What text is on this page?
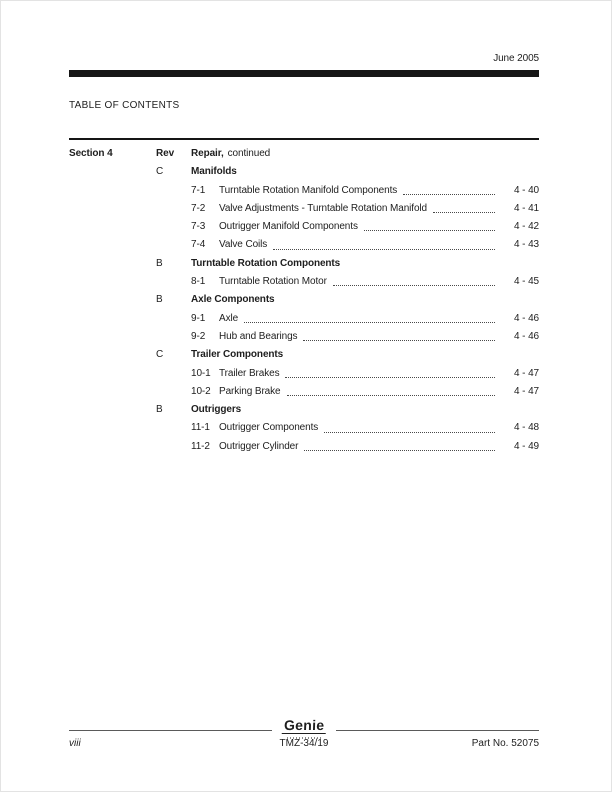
June 2005
TABLE OF CONTENTS
Section 4	Rev	Repair, continued
C	Manifolds
7-1	Turntable Rotation Manifold Components	4 - 40
7-2	Valve Adjustments - Turntable Rotation Manifold	4 - 41
7-3	Outrigger Manifold Components	4 - 42
7-4	Valve Coils	4 - 43
B	Turntable Rotation Components
8-1	Turntable Rotation Motor	4 - 45
B	Axle Components
9-1	Axle	4 - 46
9-2	Hub and Bearings	4 - 46
C	Trailer Components
10-1 Trailer Brakes	4 - 47
10-2 Parking Brake	4 - 47
B	Outriggers
11-1 Outrigger Components	4 - 48
11-2 Outrigger Cylinder	4 - 49
Genie
viii	TMZ-34/19	Part No. 52075
